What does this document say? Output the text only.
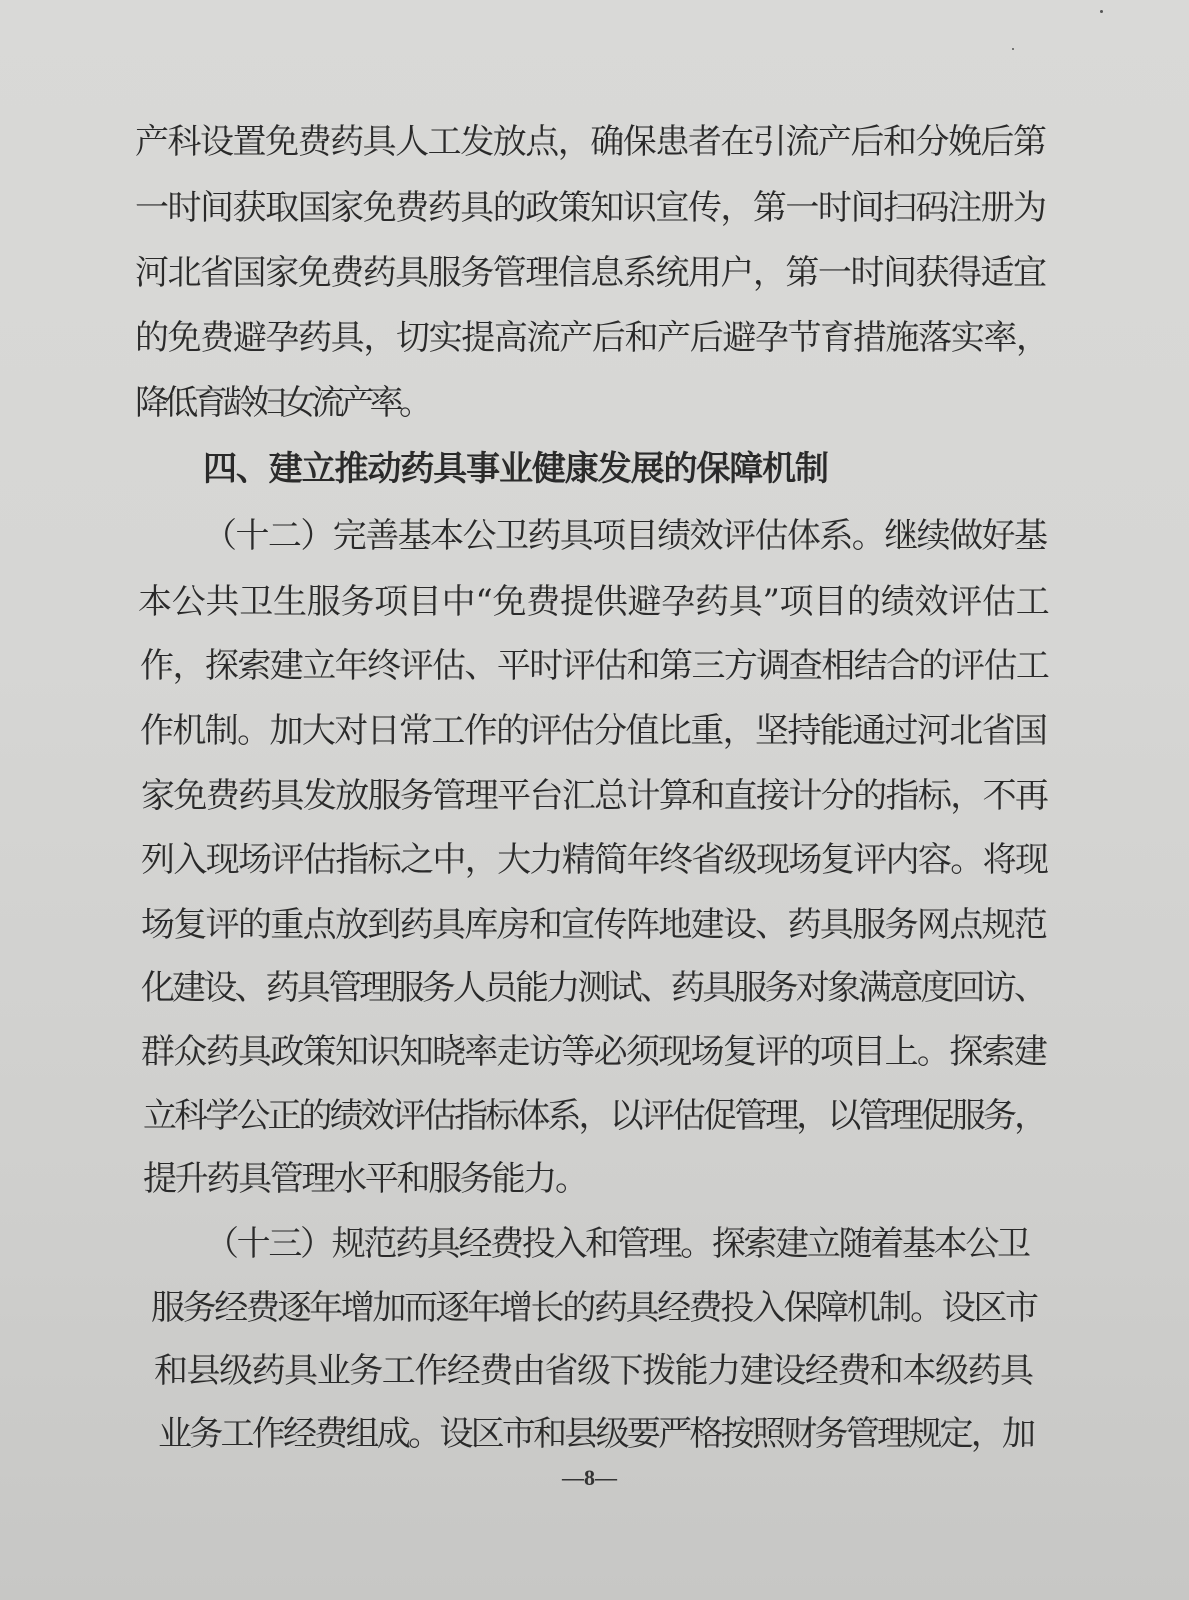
产科设置免费药具人工发放点，确保患者在引流产后和分娩后第
一时间获取国家免费药具的政策知识宣传，第一时间扫码注册为
河北省国家免费药具服务管理信息系统用户，第一时间获得适宜
的免费避孕药具，切实提高流产后和产后避孕节育措施落实率，
降低育龄妇女流产率。
四、建立推动药具事业健康发展的保障机制
（十二）完善基本公卫药具项目绩效评估体系。继续做好基
本公共卫生服务项目中“免费提供避孕药具”项目的绩效评估工
作，探索建立年终评估、平时评估和第三方调查相结合的评估工
作机制。加大对日常工作的评估分值比重，坚持能通过河北省国
家免费药具发放服务管理平台汇总计算和直接计分的指标，不再
列入现场评估指标之中，大力精简年终省级现场复评内容。将现
场复评的重点放到药具库房和宣传阵地建设、药具服务网点规范
化建设、药具管理服务人员能力测试、药具服务对象满意度回访、
群众药具政策知识知晓率走访等必须现场复评的项目上。探索建
立科学公正的绩效评估指标体系，以评估促管理，以管理促服务，
提升药具管理水平和服务能力。
（十三）规范药具经费投入和管理。探索建立随着基本公卫
服务经费逐年增加而逐年增长的药具经费投入保障机制。设区市
和县级药具业务工作经费由省级下拨能力建设经费和本级药具
业务工作经费组成。设区市和县级要严格按照财务管理规定，加
—8—
